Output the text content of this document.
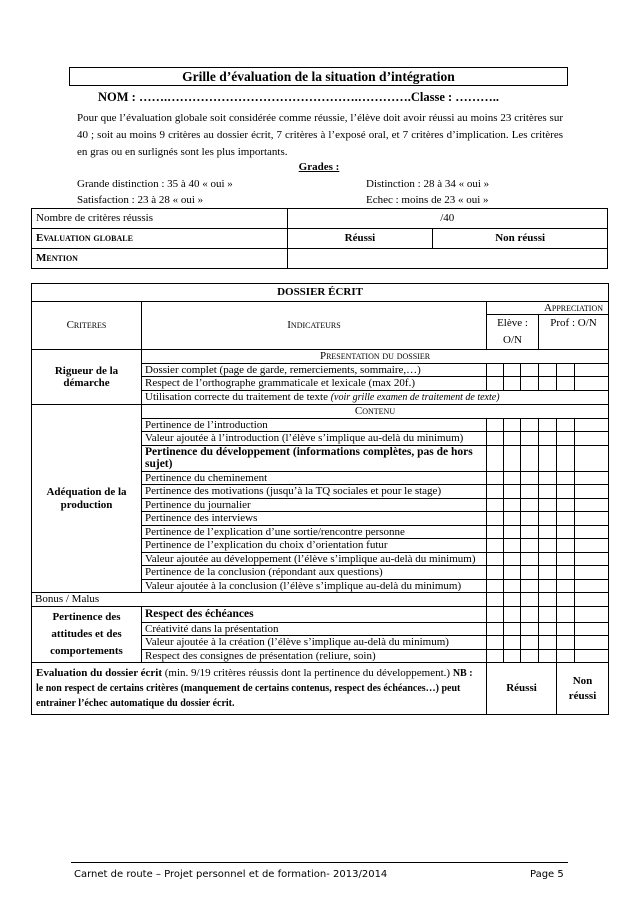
Grille d’évaluation de la situation d’intégration
NOM : …….……………………………………….………….Classe : ………..
Pour que l’évaluation globale soit considérée comme réussie, l’élève doit avoir réussi au moins 23 critères sur 40 ; soit au moins 9 critères au dossier écrit, 7 critères à l’exposé oral, et 7 critères d’implication. Les critères en gras ou en surlignés sont les plus importants.
Grades :
Grande distinction : 35 à 40 « oui »	Distinction : 28 à 34 « oui »
Satisfaction : 23 à 28 « oui »	Echec : moins de 23 « oui »
Nombre de critères réussis	/40	
Evaluation globale	Réussi	Non réussi
Mention		
DOSSIER ÉCRIT							
Criteres	Indicateurs	Appreciation					
		Elève : O/N			Prof : O/N		
Rigueur de la démarche	Presentation du dossier						
	Dossier complet (page de garde, remerciements, sommaire,…)						
	Respect de l’orthographe grammaticale et lexicale (max 20f.)						
	Utilisation correcte du traitement de texte (voir grille examen de traitement de texte)						
Adéquation de la production	Contenu						
	Pertinence de l’introduction						
	Valeur ajoutée à l’introduction (l’élève s’implique au-delà du minimum)						
	Pertinence du développement (informations complètes, pas de hors sujet)						
	Pertinence du cheminement						
	Pertinence des motivations (jusqu’à la TQ sociales et pour le stage)						
	Pertinence du journalier						
	Pertinence des interviews						
	Pertinence de l’explication d’une sortie/rencontre personne						
	Pertinence de l’explication du choix d’orientation futur						
	Valeur ajoutée au développement (l’élève s’implique au-delà du minimum)						
	Pertinence de la conclusion (répondant aux questions)						
	Valeur ajoutée à la conclusion (l’élève s’implique au-delà du minimum)						
Bonus / Malus							
Pertinence des attitudes et des comportements	Respect des échéances						
	Créativité dans la présentation						
	Valeur ajoutée à la création (l’élève s’implique au-delà du minimum)						
	Respect des consignes de présentation (reliure, soin)						
Evaluation du dossier écrit (min. 9/19 critères réussis dont la pertinence du développement.) NB : le non respect de certains critères (manquement de certains contenus, respect des échéances…) peut entrainer l’échec automatique du dossier écrit.		Réussi				Non réussi	
Carnet de route – Projet personnel et de formation- 2013/2014	Page 5
